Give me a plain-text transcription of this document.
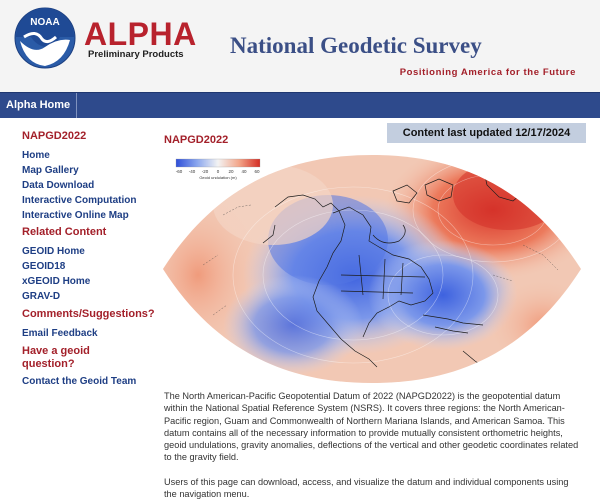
NOAA ALPHA
Preliminary Products National Geodetic Survey
Positioning America for the Future
Alpha Home
NAPGD2022
Home
Map Gallery
Data Download
Interactive Computation
Interactive Online Map
Related Content
GEOID Home
GEOID18
xGEOID Home
GRAV-D
Comments/Suggestions?
Email Feedback
Have a geoid question?
Contact the Geoid Team
Content last updated 12/17/2024
NAPGD2022
-60 -40 -20 0 20 40 60
Geoid undulation (m)

The North American-Pacific Geopotential Datum of 2022 (NAPGD2022) is the geopotential datum within the National Spatial Reference System (NSRS). It covers three regions: the North American-Pacific region, Guam and Commonwealth of Northern Mariana Islands, and American Samoa. This datum contains all of the necessary information to provide mutually consistent orthometric heights, geoid undulations, gravity anomalies, deflections of the vertical and other geodetic coordinates related to the gravity field.

Users of this page can download, access, and visualize the datum and individual components using the navigation menu.
